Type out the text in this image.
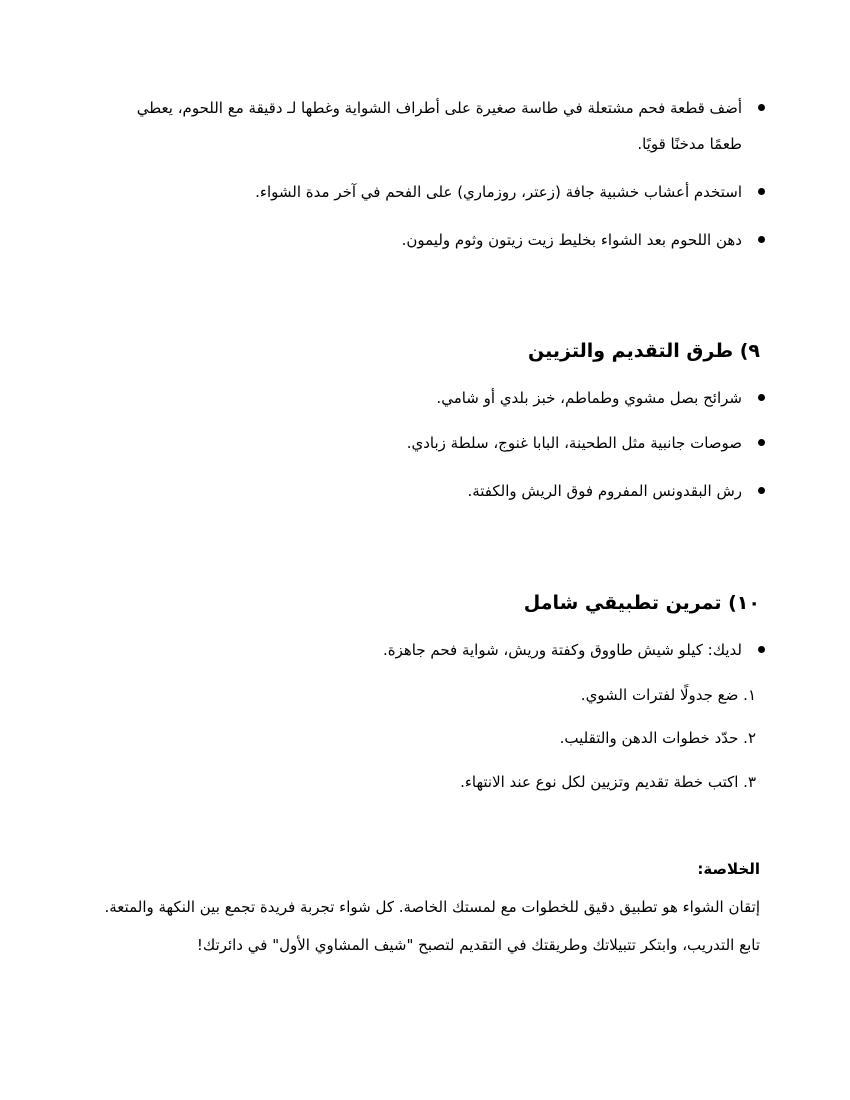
أضف قطعة فحم مشتعلة في طاسة صغيرة على أطراف الشواية وغطها لـ دقيقة مع اللحوم، يعطي طعمًا مدخنًا قويًا.
استخدم أعشاب خشبية جافة (زعتر، روزماري) على الفحم في آخر مدة الشواء.
دهن اللحوم بعد الشواء بخليط زيت زيتون وثوم وليمون.
٩) طرق التقديم والتزيين
شرائح بصل مشوي وطماطم، خبز بلدي أو شامي.
صوصات جانبية مثل الطحينة، البابا غنوج، سلطة زبادي.
رش البقدونس المفروم فوق الريش والكفتة.
١٠) تمرين تطبيقي شامل
لديك: كيلو شيش طاووق وكفتة وريش، شواية فحم جاهزة.
١. ضع جدولًا لفترات الشوي.
٢. حدّد خطوات الدهن والتقليب.
٣. اكتب خطة تقديم وتزيين لكل نوع عند الانتهاء.
الخلاصة:
إتقان الشواء هو تطبيق دقيق للخطوات مع لمستك الخاصة. كل شواء تجربة فريدة تجمع بين النكهة والمتعة. تابع التدريب، وابتكر تتبيلاتك وطريقتك في التقديم لتصبح "شيف المشاوي الأول" في دائرتك!
